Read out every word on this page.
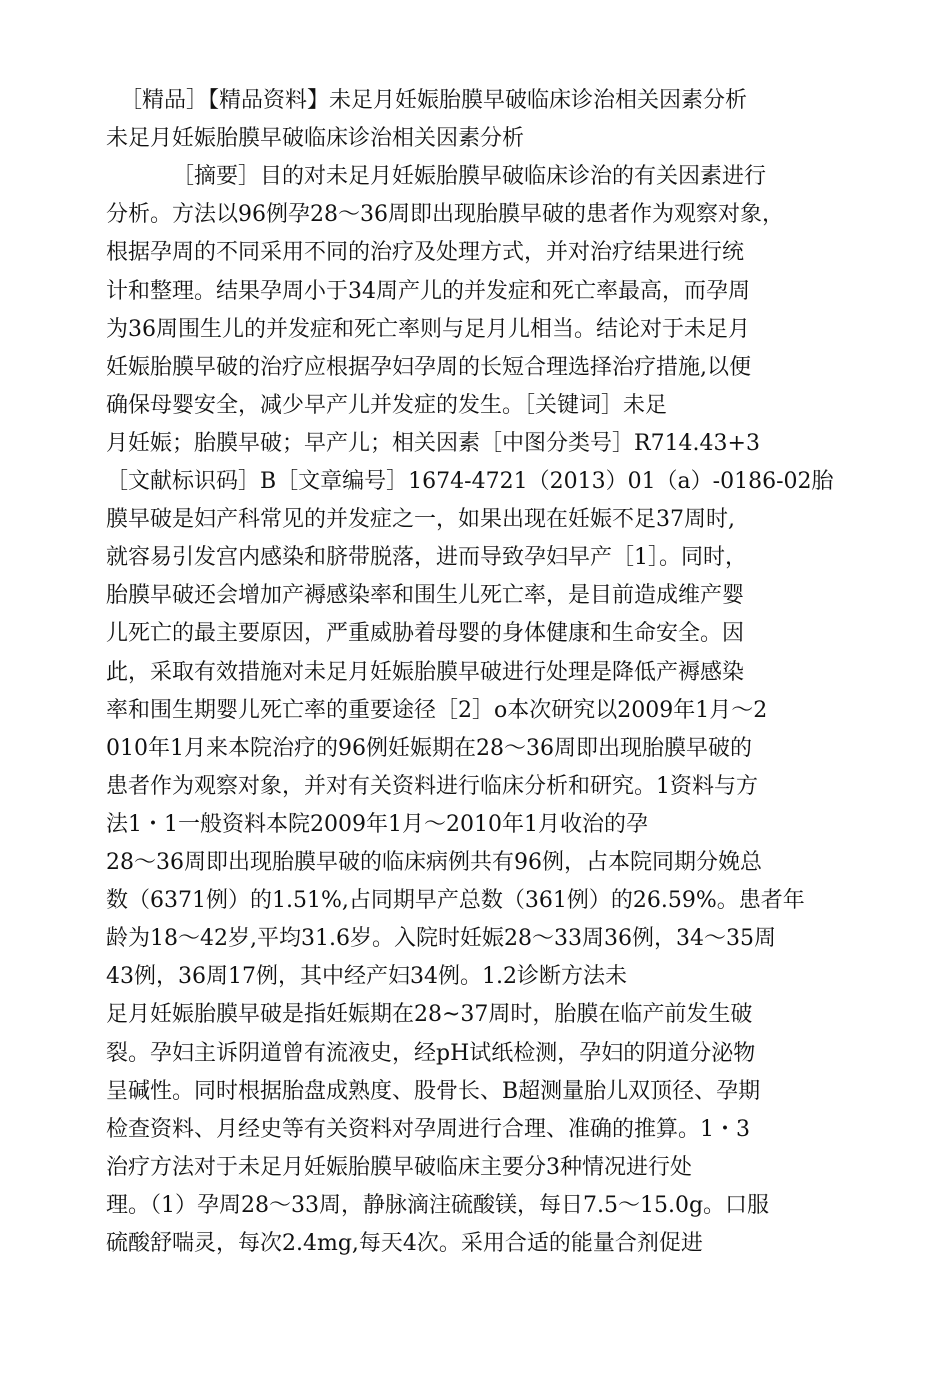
［精品］【精品资料】未足月妊娠胎膜早破临床诊治相关因素分析

未足月妊娠胎膜早破临床诊治相关因素分析

［摘要］目的对未足月妊娠胎膜早破临床诊治的有关因素进行

分析。方法以96例孕28〜36周即出现胎膜早破的患者作为观察对象，

根据孕周的不同采用不同的治疗及处理方式，并对治疗结果进行统

计和整理。结果孕周小于34周产儿的并发症和死亡率最高，而孕周

为36周围生儿的并发症和死亡率则与足月儿相当。结论对于未足月

妊娠胎膜早破的治疗应根据孕妇孕周的长短合理选择治疗措施,以便

确保母婴安全，减少早产儿并发症的发生。［关键词］未足

月妊娠；胎膜早破；早产儿；相关因素［中图分类号］R714.43+3

［文献标识码］B［文章编号］1674-4721（2013）01（a）-0186-02胎

膜早破是妇产科常见的并发症之一，如果出现在妊娠不足37周时,

就容易引发宫内感染和脐带脱落，进而导致孕妇早产［1］。同时，

胎膜早破还会增加产褥感染率和围生儿死亡率，是目前造成维产婴

儿死亡的最主要原因，严重威胁着母婴的身体健康和生命安全。因

此，采取有效措施对未足月妊娠胎膜早破进行处理是降低产褥感染

率和围生期婴儿死亡率的重要途径［2］o本次研究以2009年1月〜2

010年1月来本院治疗的96例妊娠期在28〜36周即出现胎膜早破的

患者作为观察对象，并对有关资料进行临床分析和研究。1资料与方

法1・1一般资料本院2009年1月〜2010年1月收治的孕

28〜36周即出现胎膜早破的临床病例共有96例，占本院同期分娩总

数（6371例）的1.51%,占同期早产总数（361例）的26.59%。患者年

龄为18〜42岁,平均31.6岁。入院时妊娠28〜33周36例，34〜35周

43例，36周17例，其中经产妇34例。1.2诊断方法未

足月妊娠胎膜早破是指妊娠期在28~37周时，胎膜在临产前发生破

裂。孕妇主诉阴道曾有流液史，经pH试纸检测，孕妇的阴道分泌物

呈碱性。同时根据胎盘成熟度、股骨长、B超测量胎儿双顶径、孕期

检查资料、月经史等有关资料对孕周进行合理、准确的推算。1・3

治疗方法对于未足月妊娠胎膜早破临床主要分3种情况进行处

理。（1）孕周28〜33周，静脉滴注硫酸镁，每日7.5〜15.0g。口服

硫酸舒喘灵，每次2.4mg,每天4次。采用合适的能量合剂促进
